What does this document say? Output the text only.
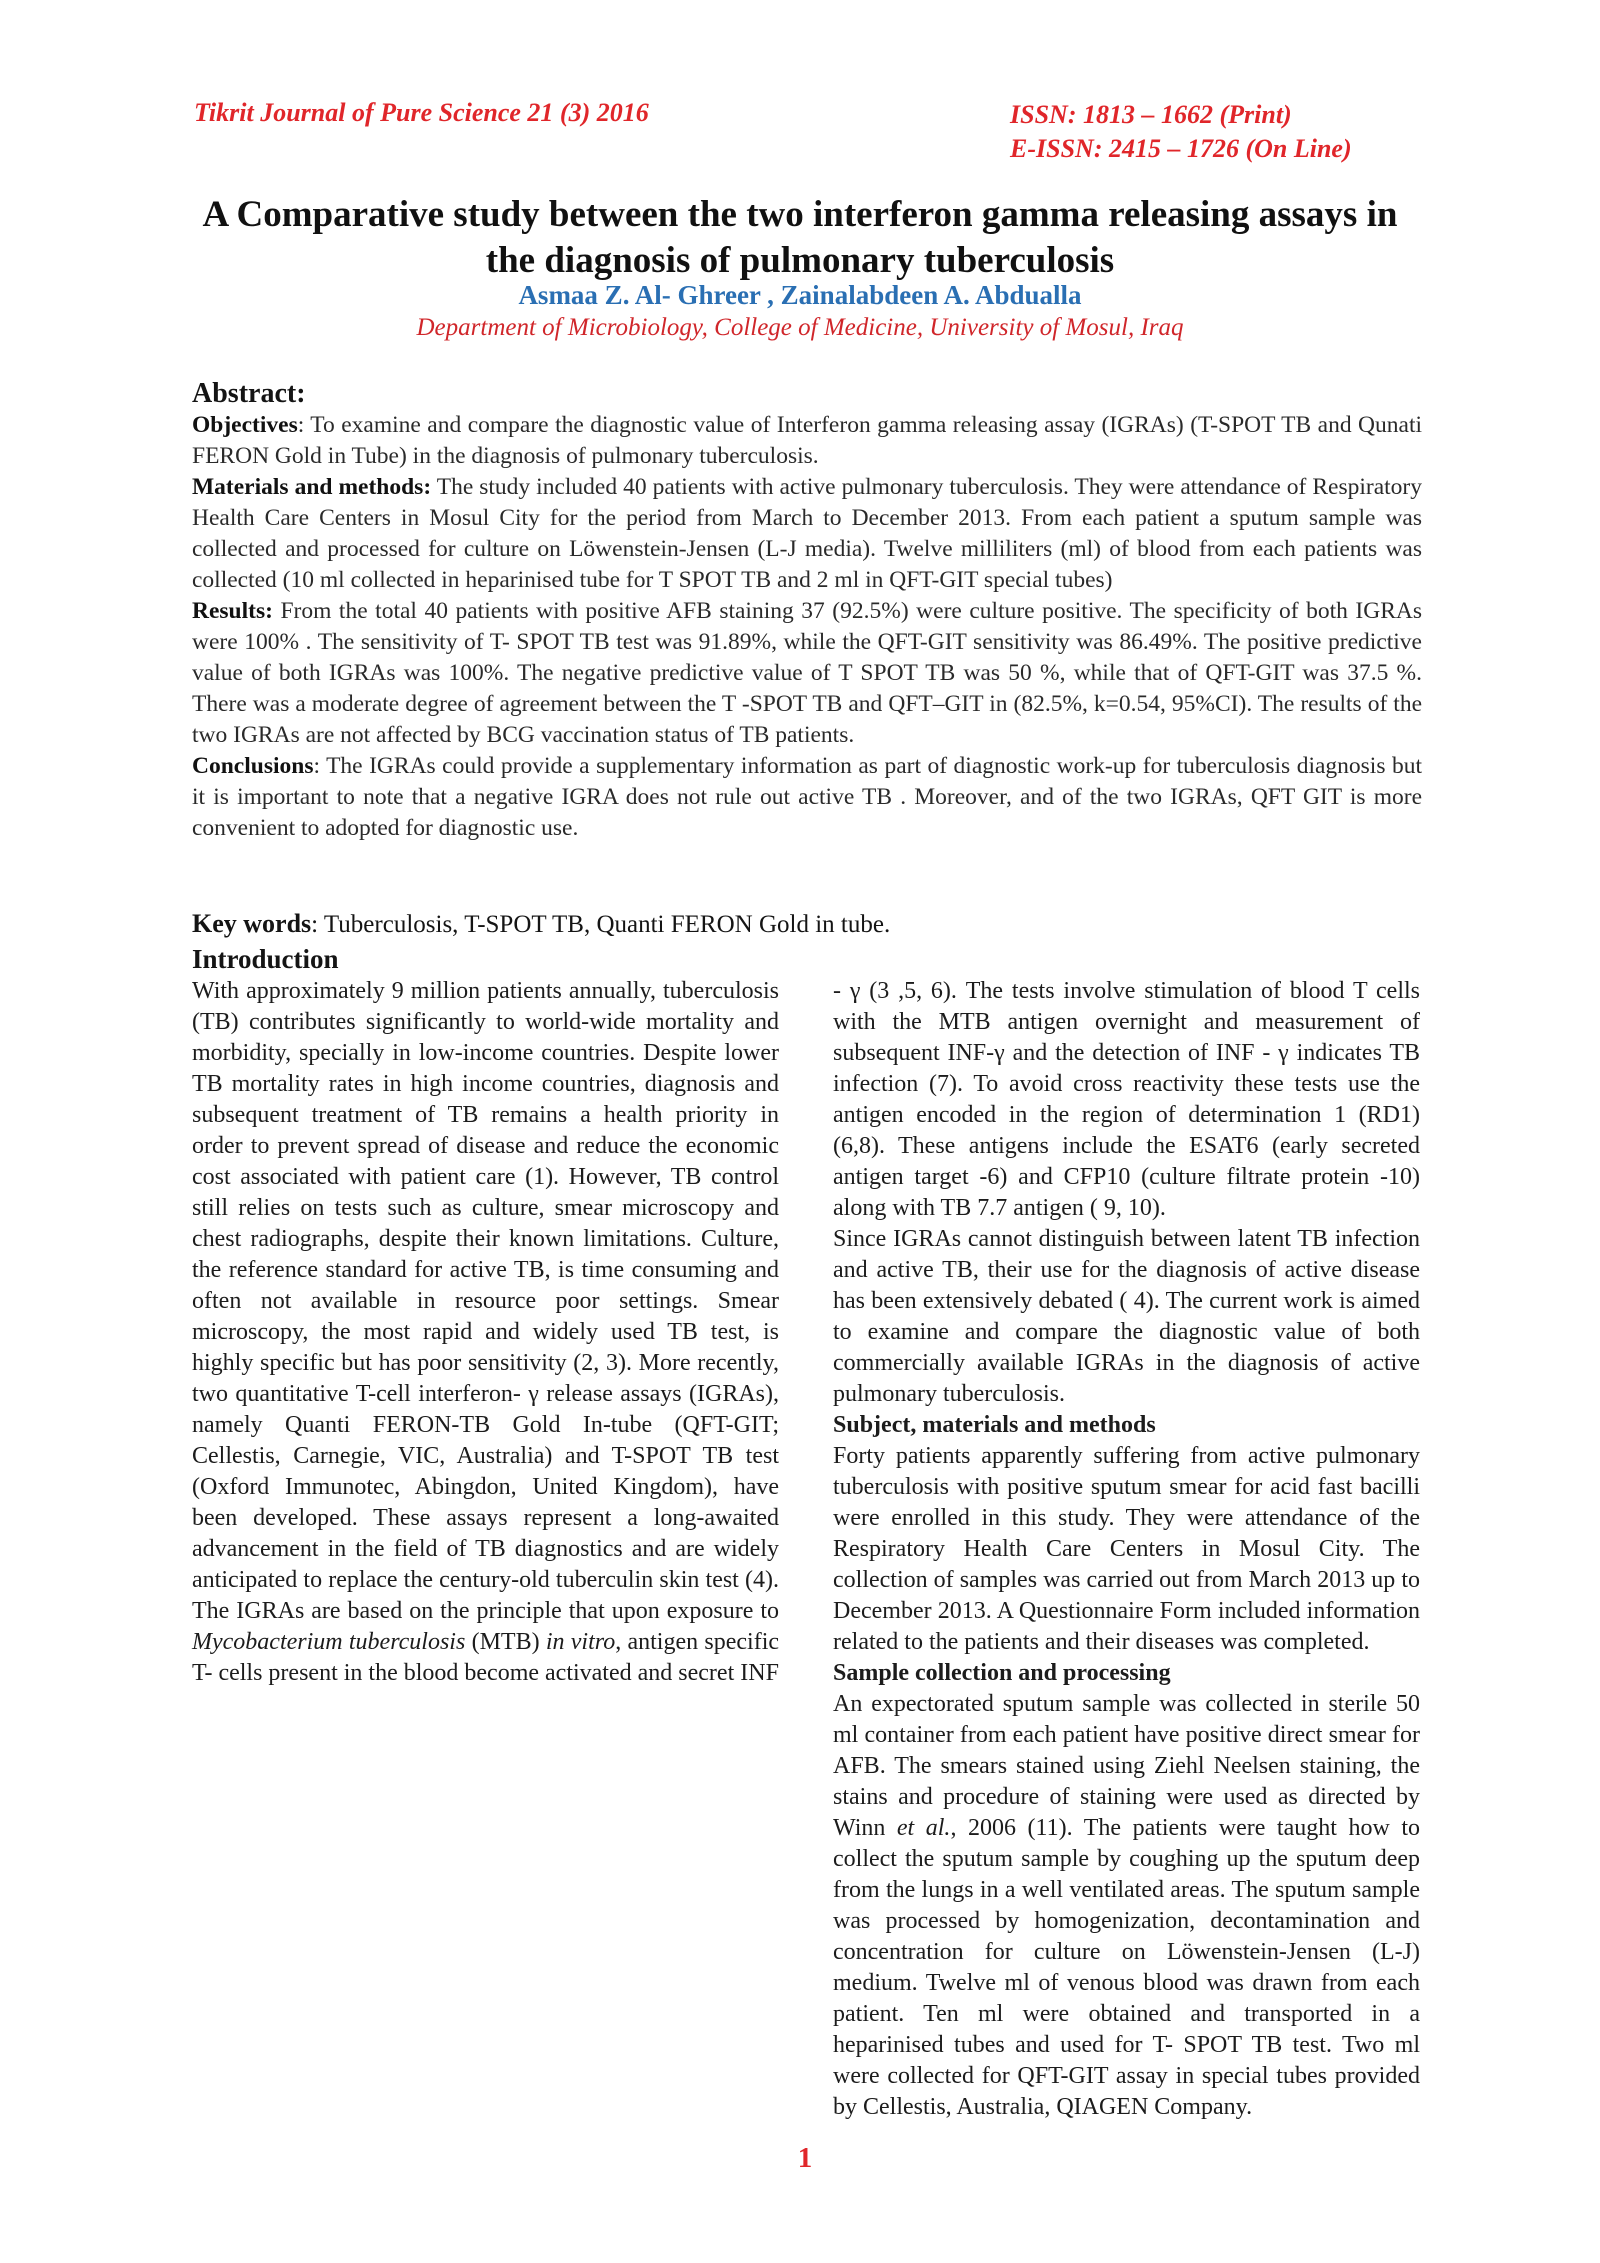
Tikrit Journal of Pure Science 21 (3) 2016	ISSN: 1813 – 1662 (Print)
E-ISSN: 2415 – 1726 (On Line)
A Comparative study between the two interferon gamma releasing assays in
the diagnosis of pulmonary tuberculosis
Asmaa Z. Al- Ghreer , Zainalabdeen A. Abdualla
Department of Microbiology, College of Medicine, University of Mosul, Iraq
Abstract:

Objectives: To examine and compare the diagnostic value of Interferon gamma releasing assay (IGRAs) (T-SPOT TB and Qunati FERON Gold in Tube) in the diagnosis of pulmonary tuberculosis.

Materials and methods: The study included 40 patients with active pulmonary tuberculosis. They were attendance of Respiratory Health Care Centers in Mosul City for the period from March to December 2013. From each patient a sputum sample was collected and processed for culture on Löwenstein-Jensen (L-J media). Twelve milliliters (ml) of blood from each patients was collected (10 ml collected in heparinised tube for T SPOT TB and 2 ml in QFT-GIT special tubes)

Results: From the total 40 patients with positive AFB staining 37 (92.5%) were culture positive. The specificity of both IGRAs were 100% . The sensitivity of T- SPOT TB test was 91.89%, while the QFT-GIT sensitivity was 86.49%. The positive predictive value of both IGRAs was 100%. The negative predictive value of T SPOT TB was 50 %, while that of QFT-GIT was 37.5 %. There was a moderate degree of agreement between the T -SPOT TB and QFT–GIT in (82.5%, k=0.54, 95%CI). The results of the two IGRAs are not affected by BCG vaccination status of TB patients.

Conclusions: The IGRAs could provide a supplementary information as part of diagnostic work-up for tuberculosis diagnosis but it is important to note that a negative IGRA does not rule out active TB . Moreover, and of the two IGRAs, QFT GIT is more convenient to adopted for diagnostic use.

Key words: Tuberculosis, T-SPOT TB, Quanti FERON Gold in tube.
Introduction

With approximately 9 million patients annually, tuberculosis (TB) contributes significantly to world-wide mortality and morbidity, specially in low-income countries. Despite lower TB mortality rates in high income countries, diagnosis and subsequent treatment of TB remains a health priority in order to prevent spread of disease and reduce the economic cost associated with patient care (1). However, TB control still relies on tests such as culture, smear microscopy and chest radiographs, despite their known limitations. Culture, the reference standard for active TB, is time consuming and often not available in resource poor settings. Smear microscopy, the most rapid and widely used TB test, is highly specific but has poor sensitivity (2, 3). More recently, two quantitative T-cell interferon- γ release assays (IGRAs), namely Quanti FERON-TB Gold In-tube (QFT-GIT; Cellestis, Carnegie, VIC, Australia) and T-SPOT TB test (Oxford Immunotec, Abingdon, United Kingdom), have been developed. These assays represent a long-awaited advancement in the field of TB diagnostics and are widely anticipated to replace the century-old tuberculin skin test (4). The IGRAs are based on the principle that upon exposure to Mycobacterium tuberculosis (MTB) in vitro, antigen specific T- cells present in the blood become activated and secret INF

- γ (3 ,5, 6). The tests involve stimulation of blood T cells with the MTB antigen overnight and measurement of subsequent INF-γ and the detection of INF - γ indicates TB infection (7). To avoid cross reactivity these tests use the antigen encoded in the region of determination 1 (RD1) (6,8). These antigens include the ESAT6 (early secreted antigen target -6) and CFP10 (culture filtrate protein -10) along with TB 7.7 antigen ( 9, 10).

Since IGRAs cannot distinguish between latent TB infection and active TB, their use for the diagnosis of active disease has been extensively debated ( 4). The current work is aimed to examine and compare the diagnostic value of both commercially available IGRAs in the diagnosis of active pulmonary tuberculosis.

Subject, materials and methods

Forty patients apparently suffering from active pulmonary tuberculosis with positive sputum smear for acid fast bacilli were enrolled in this study. They were attendance of the Respiratory Health Care Centers in Mosul City. The collection of samples was carried out from March 2013 up to December 2013. A Questionnaire Form included information related to the patients and their diseases was completed.

Sample collection and processing

An expectorated sputum sample was collected in sterile 50 ml container from each patient have positive direct smear for AFB. The smears stained using Ziehl Neelsen staining, the stains and procedure of staining were used as directed by Winn et al., 2006 (11). The patients were taught how to collect the sputum sample by coughing up the sputum deep from the lungs in a well ventilated areas. The sputum sample was processed by homogenization, decontamination and concentration for culture on Löwenstein-Jensen (L-J) medium. Twelve ml of venous blood was drawn from each patient. Ten ml were obtained and transported in a heparinised tubes and used for T- SPOT TB test. Two ml were collected for QFT-GIT assay in special tubes provided by Cellestis, Australia, QIAGEN Company.

1
